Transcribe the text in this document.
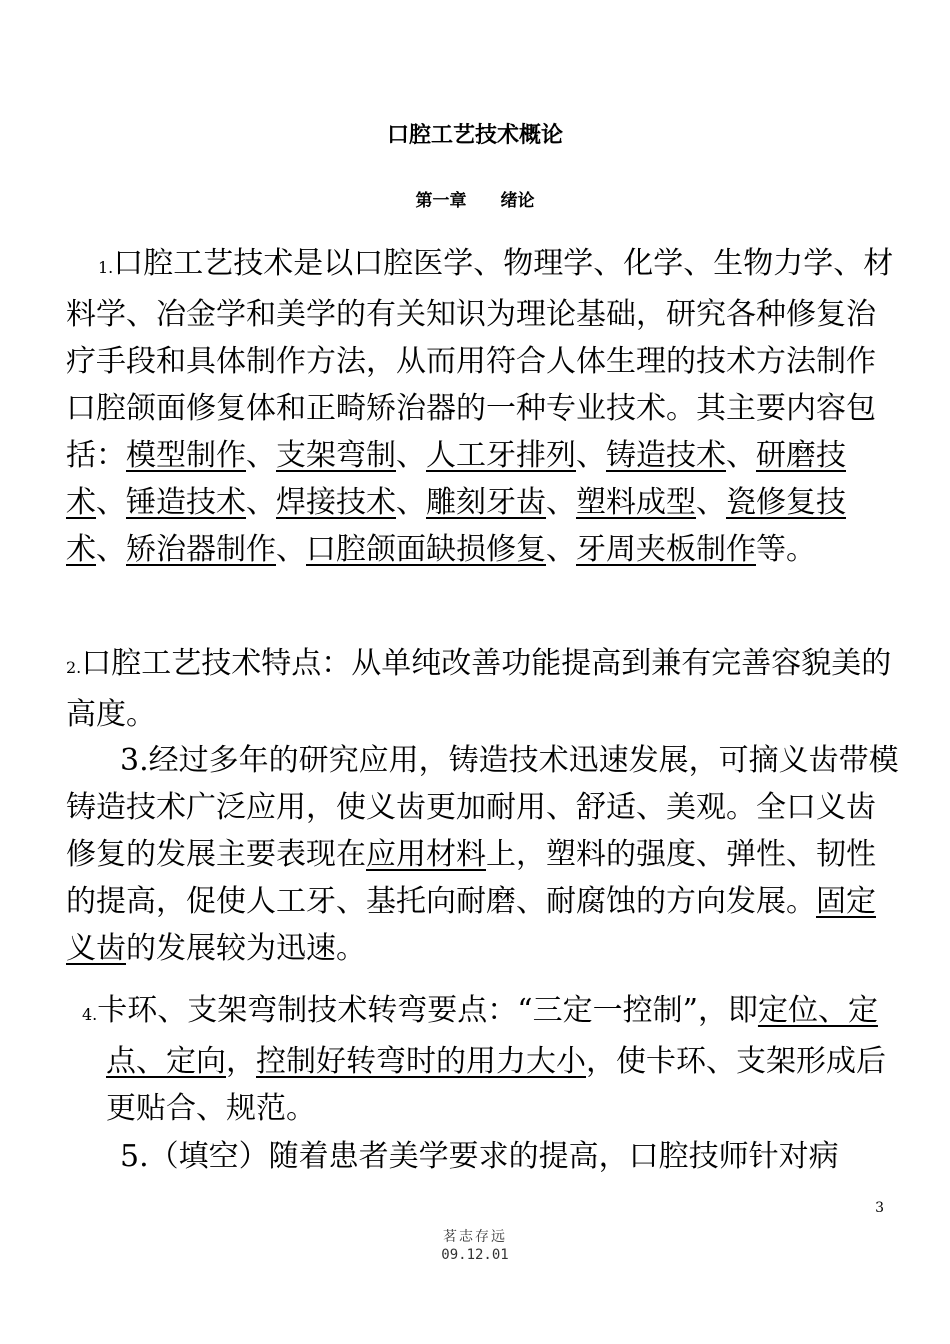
口腔工艺技术概论
第一章　　绪论
1.口腔工艺技术是以口腔医学、物理学、化学、生物力学、材料学、冶金学和美学的有关知识为理论基础，研究各种修复治疗手段和具体制作方法，从而用符合人体生理的技术方法制作口腔颌面修复体和正畸矫治器的一种专业技术。其主要内容包括：模型制作、支架弯制、人工牙排列、铸造技术、研磨技术、锤造技术、焊接技术、雕刻牙齿、塑料成型、瓷修复技术、矫治器制作、口腔颌面缺损修复、牙周夹板制作等。
2.口腔工艺技术特点：从单纯改善功能提高到兼有完善容貌美的高度。
3.经过多年的研究应用，铸造技术迅速发展，可摘义齿带模铸造技术广泛应用，使义齿更加耐用、舒适、美观。全口义齿修复的发展主要表现在应用材料上，塑料的强度、弹性、韧性的提高，促使人工牙、基托向耐磨、耐腐蚀的方向发展。固定义齿的发展较为迅速。
4.卡环、支架弯制技术转弯要点：“三定一控制”，即定位、定点、定向，控制好转弯时的用力大小，使卡环、支架形成后更贴合、规范。
5.（填空）随着患者美学要求的提高，口腔技师针对病
3
茗志存远
09.12.01
